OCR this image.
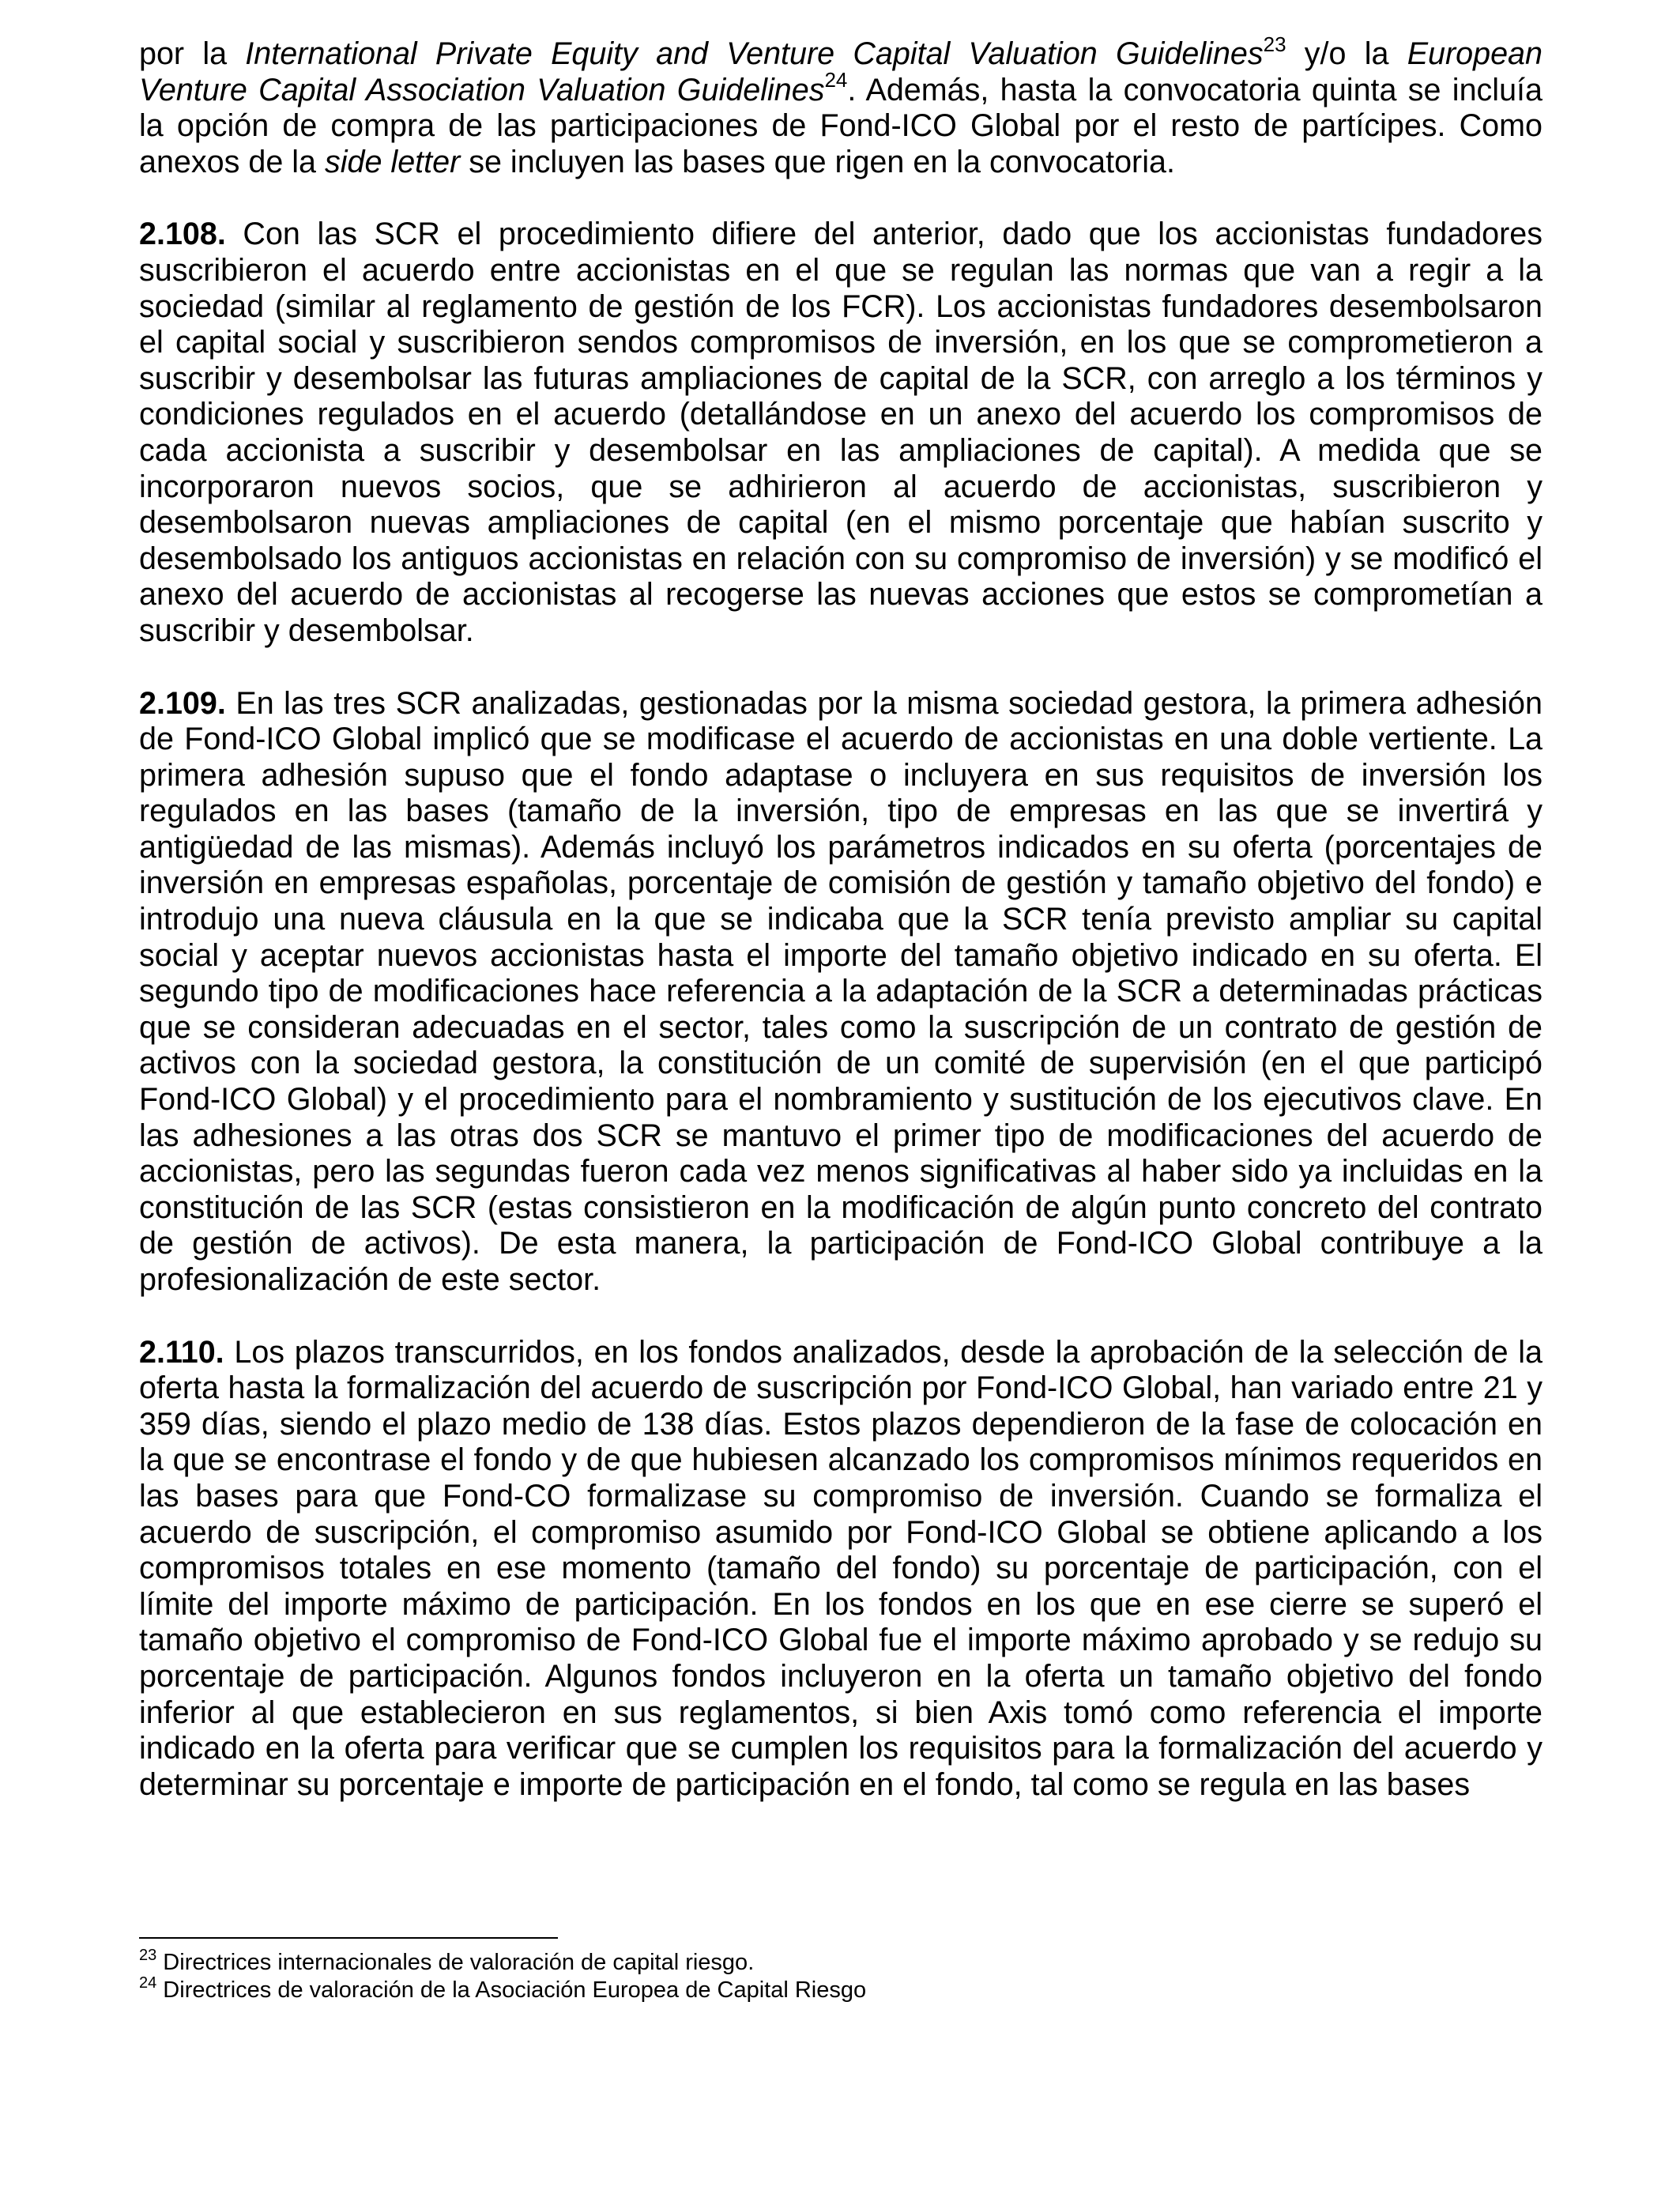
por la International Private Equity and Venture Capital Valuation Guidelines$^{23}$ y/o la European Venture Capital Association Valuation Guidelines$^{24}$. Además, hasta la convocatoria quinta se incluía la opción de compra de las participaciones de Fond-ICO Global por el resto de partícipes. Como anexos de la side letter se incluyen las bases que rigen en la convocatoria.

2.108. Con las SCR el procedimiento difiere del anterior, dado que los accionistas fundadores suscribieron el acuerdo entre accionistas en el que se regulan las normas que van a regir a la sociedad (similar al reglamento de gestión de los FCR). Los accionistas fundadores desembolsaron el capital social y suscribieron sendos compromisos de inversión, en los que se comprometieron a suscribir y desembolsar las futuras ampliaciones de capital de la SCR, con arreglo a los términos y condiciones regulados en el acuerdo (detallándose en un anexo del acuerdo los compromisos de cada accionista a suscribir y desembolsar en las ampliaciones de capital). A medida que se incorporaron nuevos socios, que se adhirieron al acuerdo de accionistas, suscribieron y desembolsaron nuevas ampliaciones de capital (en el mismo porcentaje que habían suscrito y desembolsado los antiguos accionistas en relación con su compromiso de inversión) y se modificó el anexo del acuerdo de accionistas al recogerse las nuevas acciones que estos se comprometían a suscribir y desembolsar.

2.109. En las tres SCR analizadas, gestionadas por la misma sociedad gestora, la primera adhesión de Fond-ICO Global implicó que se modificase el acuerdo de accionistas en una doble vertiente. La primera adhesión supuso que el fondo adaptase o incluyera en sus requisitos de inversión los regulados en las bases (tamaño de la inversión, tipo de empresas en las que se invertirá y antigüedad de las mismas). Además incluyó los parámetros indicados en su oferta (porcentajes de inversión en empresas españolas, porcentaje de comisión de gestión y tamaño objetivo del fondo) e introdujo una nueva cláusula en la que se indicaba que la SCR tenía previsto ampliar su capital social y aceptar nuevos accionistas hasta el importe del tamaño objetivo indicado en su oferta. El segundo tipo de modificaciones hace referencia a la adaptación de la SCR a determinadas prácticas que se consideran adecuadas en el sector, tales como la suscripción de un contrato de gestión de activos con la sociedad gestora, la constitución de un comité de supervisión (en el que participó Fond-ICO Global) y el procedimiento para el nombramiento y sustitución de los ejecutivos clave. En las adhesiones a las otras dos SCR se mantuvo el primer tipo de modificaciones del acuerdo de accionistas, pero las segundas fueron cada vez menos significativas al haber sido ya incluidas en la constitución de las SCR (estas consistieron en la modificación de algún punto concreto del contrato de gestión de activos). De esta manera, la participación de Fond-ICO Global contribuye a la profesionalización de este sector.

2.110. Los plazos transcurridos, en los fondos analizados, desde la aprobación de la selección de la oferta hasta la formalización del acuerdo de suscripción por Fond-ICO Global, han variado entre 21 y 359 días, siendo el plazo medio de 138 días. Estos plazos dependieron de la fase de colocación en la que se encontrase el fondo y de que hubiesen alcanzado los compromisos mínimos requeridos en las bases para que Fond-CO formalizase su compromiso de inversión. Cuando se formaliza el acuerdo de suscripción, el compromiso asumido por Fond-ICO Global se obtiene aplicando a los compromisos totales en ese momento (tamaño del fondo) su porcentaje de participación, con el límite del importe máximo de participación. En los fondos en los que en ese cierre se superó el tamaño objetivo el compromiso de Fond-ICO Global fue el importe máximo aprobado y se redujo su porcentaje de participación. Algunos fondos incluyeron en la oferta un tamaño objetivo del fondo inferior al que establecieron en sus reglamentos, si bien Axis tomó como referencia el importe indicado en la oferta para verificar que se cumplen los requisitos para la formalización del acuerdo y determinar su porcentaje e importe de participación en el fondo, tal como se regula en las bases

$^{23}$ Directrices internacionales de valoración de capital riesgo.

$^{24}$ Directrices de valoración de la Asociación Europea de Capital Riesgo
